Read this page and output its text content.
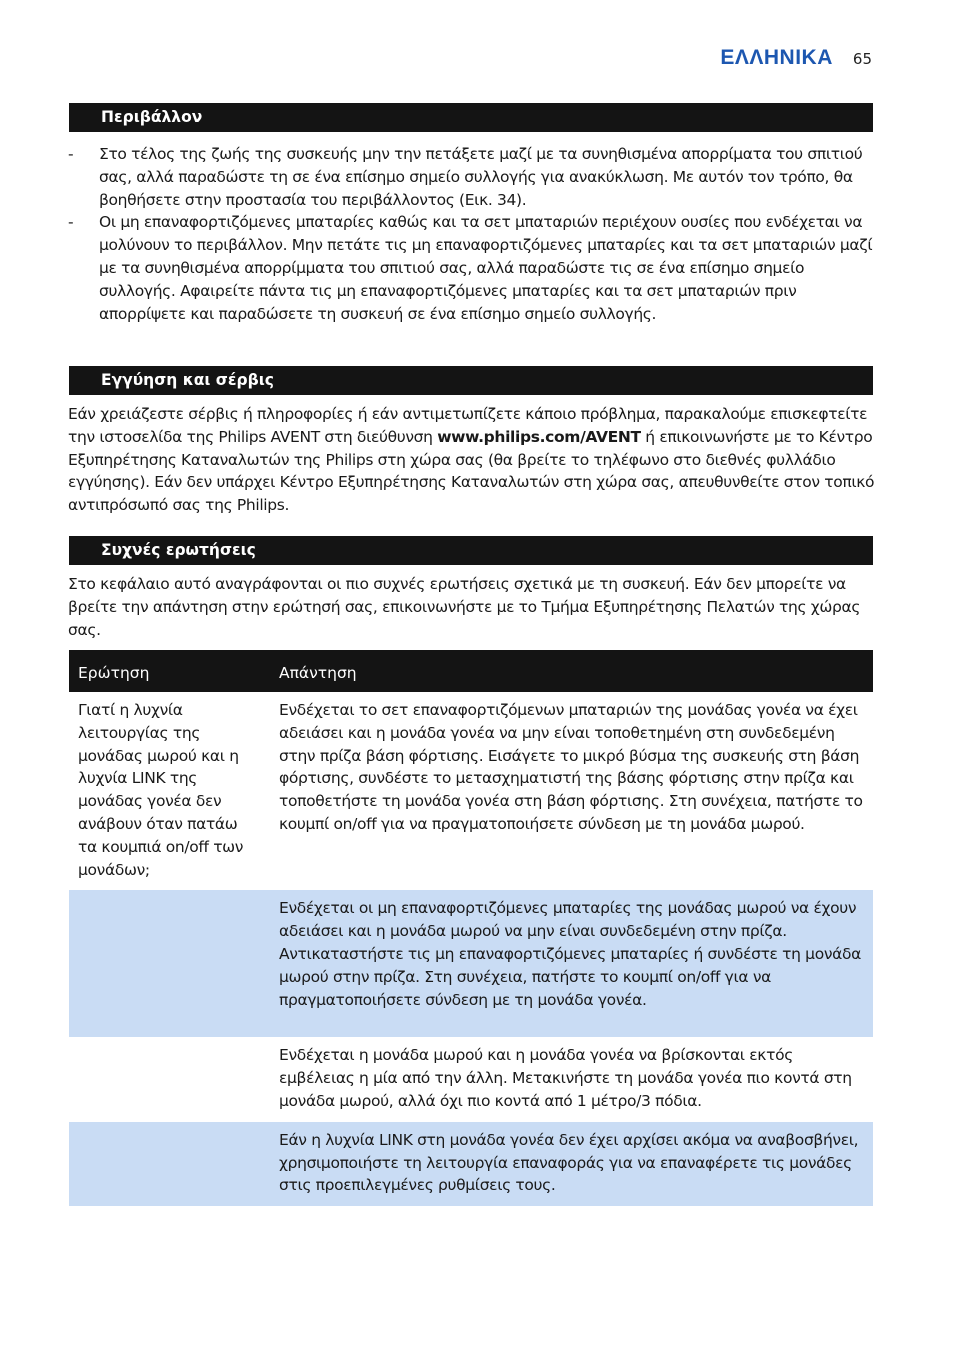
ΕΛΛΗΝΙΚΑ 65
Περιβάλλον
- Στο τέλος της ζωής της συσκευής μην την πετάξετε μαζί με τα συνηθισμένα απορρίματα του σπιτιού σας, αλλά παραδώστε τη σε ένα επίσημο σημείο συλλογής για ανακύκλωση. Με αυτόν τον τρόπο, θα βοηθήσετε στην προστασία του περιβάλλοντος (Εικ. 34).
- Οι μη επαναφορτιζόμενες μπαταρίες καθώς και τα σετ μπαταριών περιέχουν ουσίες που ενδέχεται να μολύνουν το περιβάλλον. Μην πετάτε τις μη επαναφορτιζόμενες μπαταρίες και τα σετ μπαταριών μαζί με τα συνηθισμένα απορρίμματα του σπιτιού σας, αλλά παραδώστε τις σε ένα επίσημο σημείο συλλογής. Αφαιρείτε πάντα τις μη επαναφορτιζόμενες μπαταρίες και τα σετ μπαταριών πριν απορρίψετε και παραδώσετε τη συσκευή σε ένα επίσημο σημείο συλλογής.
Εγγύηση και σέρβις

Εάν χρειάζεστε σέρβις ή πληροφορίες ή εάν αντιμετωπίζετε κάποιο πρόβλημα, παρακαλούμε επισκεφτείτε την ιστοσελίδα της Philips AVENT στη διεύθυνση www.philips.com/AVENT ή επικοινωνήστε με το Κέντρο Εξυπηρέτησης Καταναλωτών της Philips στη χώρα σας (θα βρείτε το τηλέφωνο στο διεθνές φυλλάδιο εγγύησης). Εάν δεν υπάρχει Κέντρο Εξυπηρέτησης Καταναλωτών στη χώρα σας, απευθυνθείτε στον τοπικό αντιπρόσωπό σας της Philips.

Συχνές ερωτήσεις

Στο κεφάλαιο αυτό αναγράφονται οι πιο συχνές ερωτήσεις σχετικά με τη συσκευή. Εάν δεν μπορείτε να βρείτε την απάντηση στην ερώτησή σας, επικοινωνήστε με το Τμήμα Εξυπηρέτησης Πελατών της χώρας σας.

Ερώτηση	Απάντηση
Γιατί η λυχνία λειτουργίας της μονάδας μωρού και η λυχνία LINK της μονάδας γονέα δεν ανάβουν όταν πατάω τα κουμπιά on/off των μονάδων;	Ενδέχεται το σετ επαναφορτιζόμενων μπαταριών της μονάδας γονέα να έχει αδειάσει και η μονάδα γονέα να μην είναι τοποθετημένη στη συνδεδεμένη στην πρίζα βάση φόρτισης. Εισάγετε το μικρό βύσμα της συσκευής στη βάση φόρτισης, συνδέστε το μετασχηματιστή της βάσης φόρτισης στην πρίζα και τοποθετήστε τη μονάδα γονέα στη βάση φόρτισης. Στη συνέχεια, πατήστε το κουμπί on/off για να πραγματοποιήσετε σύνδεση με τη μονάδα μωρού.
	Ενδέχεται οι μη επαναφορτιζόμενες μπαταρίες της μονάδας μωρού να έχουν αδειάσει και η μονάδα μωρού να μην είναι συνδεδεμένη στην πρίζα. Αντικαταστήστε τις μη επαναφορτιζόμενες μπαταρίες ή συνδέστε τη μονάδα μωρού στην πρίζα. Στη συνέχεια, πατήστε το κουμπί on/off για να πραγματοποιήσετε σύνδεση με τη μονάδα γονέα.
	Ενδέχεται η μονάδα μωρού και η μονάδα γονέα να βρίσκονται εκτός εμβέλειας η μία από την άλλη. Μετακινήστε τη μονάδα γονέα πιο κοντά στη μονάδα μωρού, αλλά όχι πιο κοντά από 1 μέτρο/3 πόδια.
	Εάν η λυχνία LINK στη μονάδα γονέα δεν έχει αρχίσει ακόμα να αναβοσβήνει, χρησιμοποιήστε τη λειτουργία επαναφοράς για να επαναφέρετε τις μονάδες στις προεπιλεγμένες ρυθμίσεις τους.
